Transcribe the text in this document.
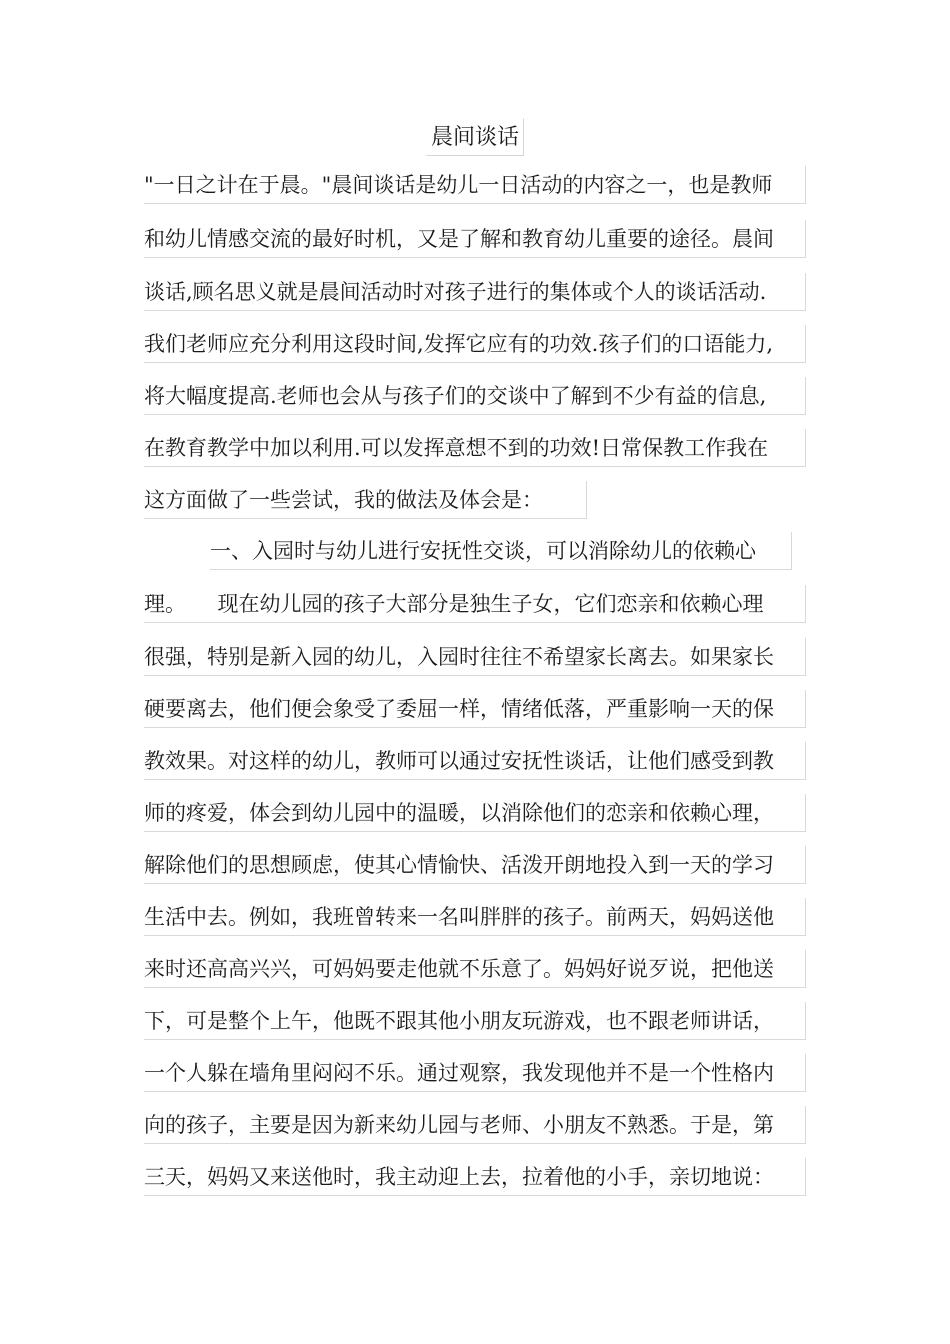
晨间谈话
"一日之计在于晨。"晨间谈话是幼儿一日活动的内容之一，也是教师
和幼儿情感交流的最好时机，又是了解和教育幼儿重要的途径。晨间
谈话,顾名思义就是晨间活动时对孩子进行的集体或个人的谈话活动.
我们老师应充分利用这段时间,发挥它应有的功效.孩子们的口语能力,
将大幅度提高.老师也会从与孩子们的交谈中了解到不少有益的信息,
在教育教学中加以利用.可以发挥意想不到的功效!日常保教工作我在
这方面做了一些尝试，我的做法及体会是：
一、入园时与幼儿进行安抚性交谈，可以消除幼儿的依赖心
理。　　现在幼儿园的孩子大部分是独生子女，它们恋亲和依赖心理
很强，特别是新入园的幼儿，入园时往往不希望家长离去。如果家长
硬要离去，他们便会象受了委屈一样，情绪低落，严重影响一天的保
教效果。对这样的幼儿，教师可以通过安抚性谈话，让他们感受到教
师的疼爱，体会到幼儿园中的温暖，以消除他们的恋亲和依赖心理，
解除他们的思想顾虑，使其心情愉快、活泼开朗地投入到一天的学习
生活中去。例如，我班曾转来一名叫胖胖的孩子。前两天，妈妈送他
来时还高高兴兴，可妈妈要走他就不乐意了。妈妈好说歹说，把他送
下，可是整个上午，他既不跟其他小朋友玩游戏，也不跟老师讲话，
一个人躲在墙角里闷闷不乐。通过观察，我发现他并不是一个性格内
向的孩子，主要是因为新来幼儿园与老师、小朋友不熟悉。于是，第
三天，妈妈又来送他时，我主动迎上去，拉着他的小手，亲切地说：
